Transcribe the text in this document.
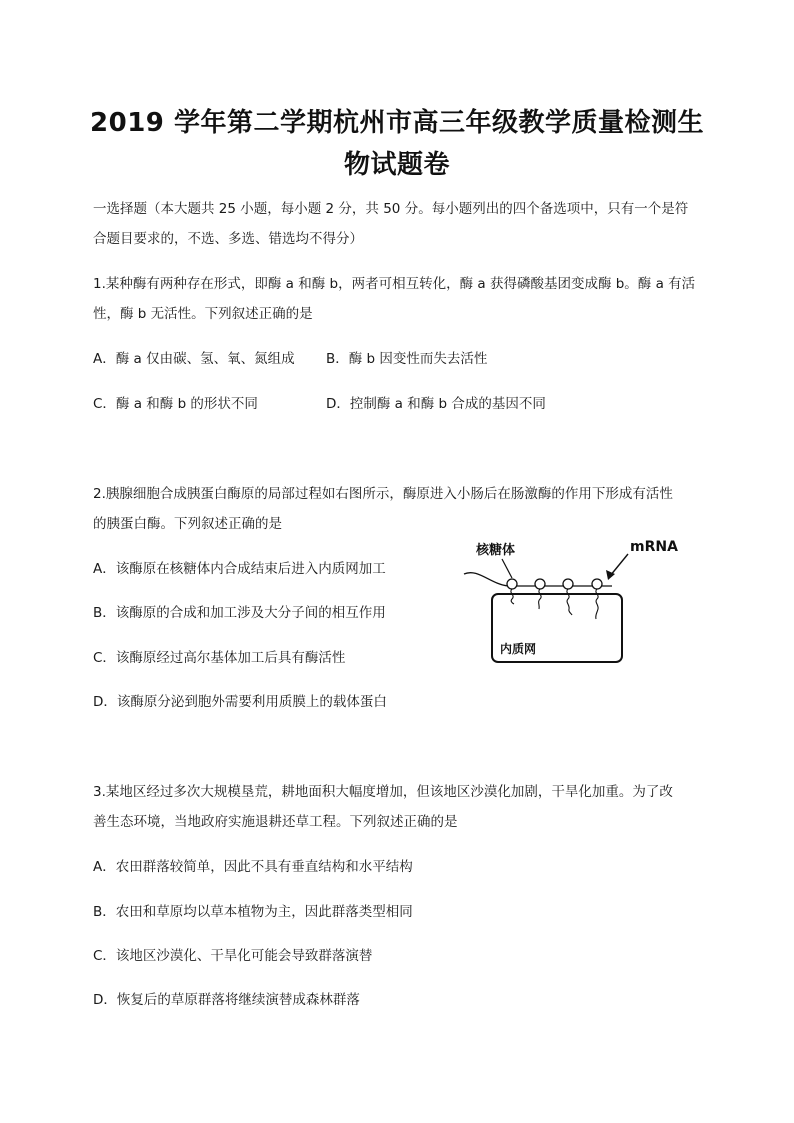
2019 学年第二学期杭州市高三年级教学质量检测生
物试题卷
一选择题（本大题共 25 小题，每小题 2 分，共 50 分。每小题列出的四个备选项中，只有一个是符
合题目要求的，不选、多选、错选均不得分）
1.某种酶有两种存在形式，即酶 a 和酶 b，两者可相互转化，酶 a 获得磷酸基团变成酶 b。酶 a 有活
性，酶 b 无活性。下列叙述正确的是
A．酶 a 仅由碳、氢、氧、氮组成 B．酶 b 因变性而失去活性
C．酶 a 和酶 b 的形状不同	D．控制酶 a 和酶 b 合成的基因不同
2.胰腺细胞合成胰蛋白酶原的局部过程如右图所示，酶原进入小肠后在肠激酶的作用下形成有活性
的胰蛋白酶。下列叙述正确的是
A．该酶原在核糖体内合成结束后进入内质网加工
B．该酶原的合成和加工涉及大分子间的相互作用
C．该酶原经过高尔基体加工后具有酶活性
D．该酶原分泌到胞外需要利用质膜上的载体蛋白
核糖体	mRNA
内质网
3.某地区经过多次大规模垦荒，耕地面积大幅度增加，但该地区沙漠化加剧，干旱化加重。为了改
善生态环境，当地政府实施退耕还草工程。下列叙述正确的是
A．农田群落较简单，因此不具有垂直结构和水平结构
B．农田和草原均以草本植物为主，因此群落类型相同
C．该地区沙漠化、干旱化可能会导致群落演替
D．恢复后的草原群落将继续演替成森林群落
